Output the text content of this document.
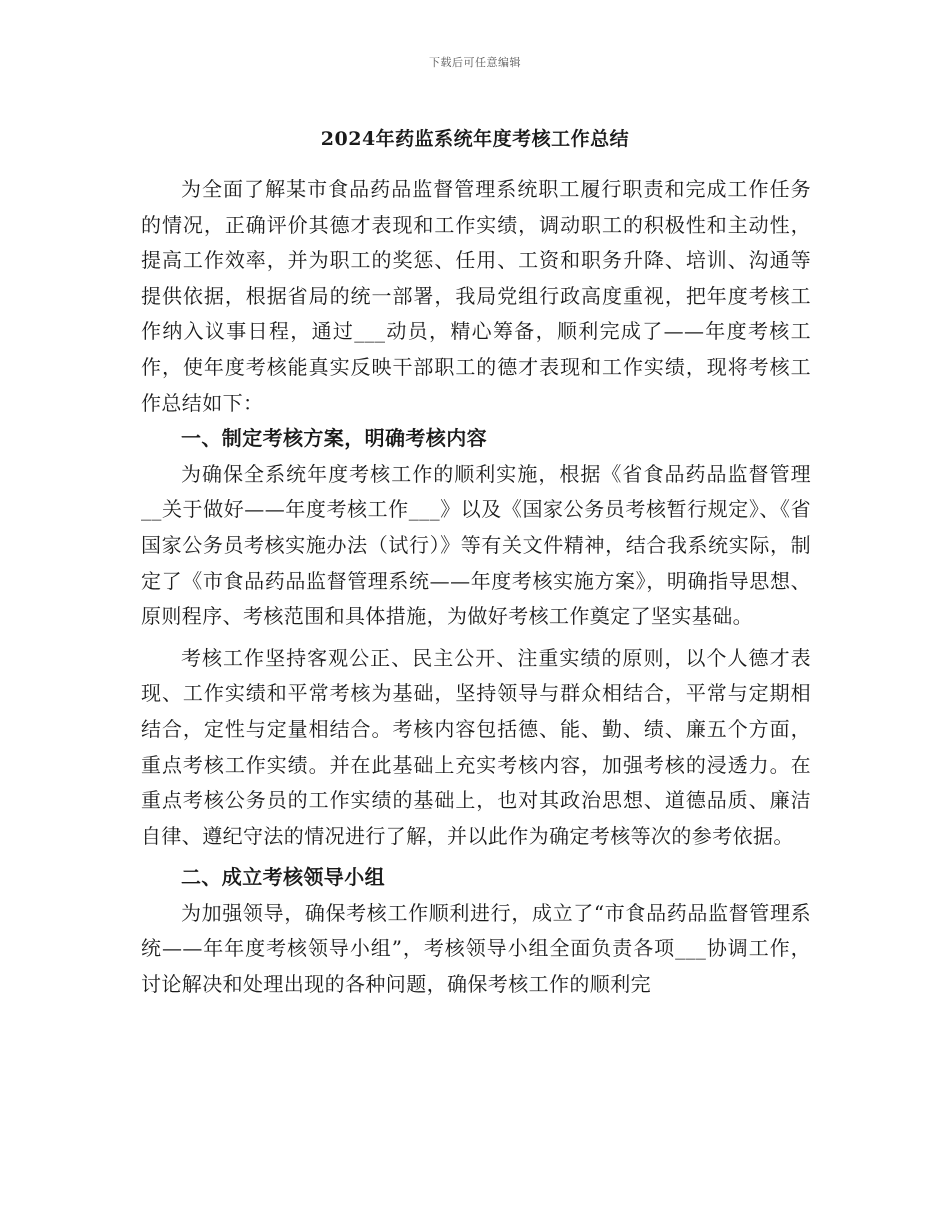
下载后可任意编辑
2024年药监系统年度考核工作总结

为全面了解某市食品药品监督管理系统职工履行职责和完成工作任务的情况，正确评价其德才表现和工作实绩，调动职工的积极性和主动性，提高工作效率，并为职工的奖惩、任用、工资和职务升降、培训、沟通等提供依据，根据省局的统一部署，我局党组行政高度重视，把年度考核工作纳入议事日程，通过___动员，精心筹备，顺利完成了——年度考核工作，使年度考核能真实反映干部职工的德才表现和工作实绩，现将考核工作总结如下：

一、制定考核方案，明确考核内容

为确保全系统年度考核工作的顺利实施，根据《省食品药品监督管理__关于做好——年度考核工作___》以及《国家公务员考核暂行规定》、《省国家公务员考核实施办法（试行）》等有关文件精神，结合我系统实际，制定了《市食品药品监督管理系统——年度考核实施方案》，明确指导思想、原则程序、考核范围和具体措施，为做好考核工作奠定了坚实基础。

考核工作坚持客观公正、民主公开、注重实绩的原则，以个人德才表现、工作实绩和平常考核为基础，坚持领导与群众相结合，平常与定期相结合，定性与定量相结合。考核内容包括德、能、勤、绩、廉五个方面，重点考核工作实绩。并在此基础上充实考核内容，加强考核的浸透力。在重点考核公务员的工作实绩的基础上，也对其政治思想、道德品质、廉洁自律、遵纪守法的情况进行了解，并以此作为确定考核等次的参考依据。

二、成立考核领导小组

为加强领导，确保考核工作顺利进行，成立了“市食品药品监督管理系统——年年度考核领导小组”，考核领导小组全面负责各项___协调工作，讨论解决和处理出现的各种问题，确保考核工作的顺利完
